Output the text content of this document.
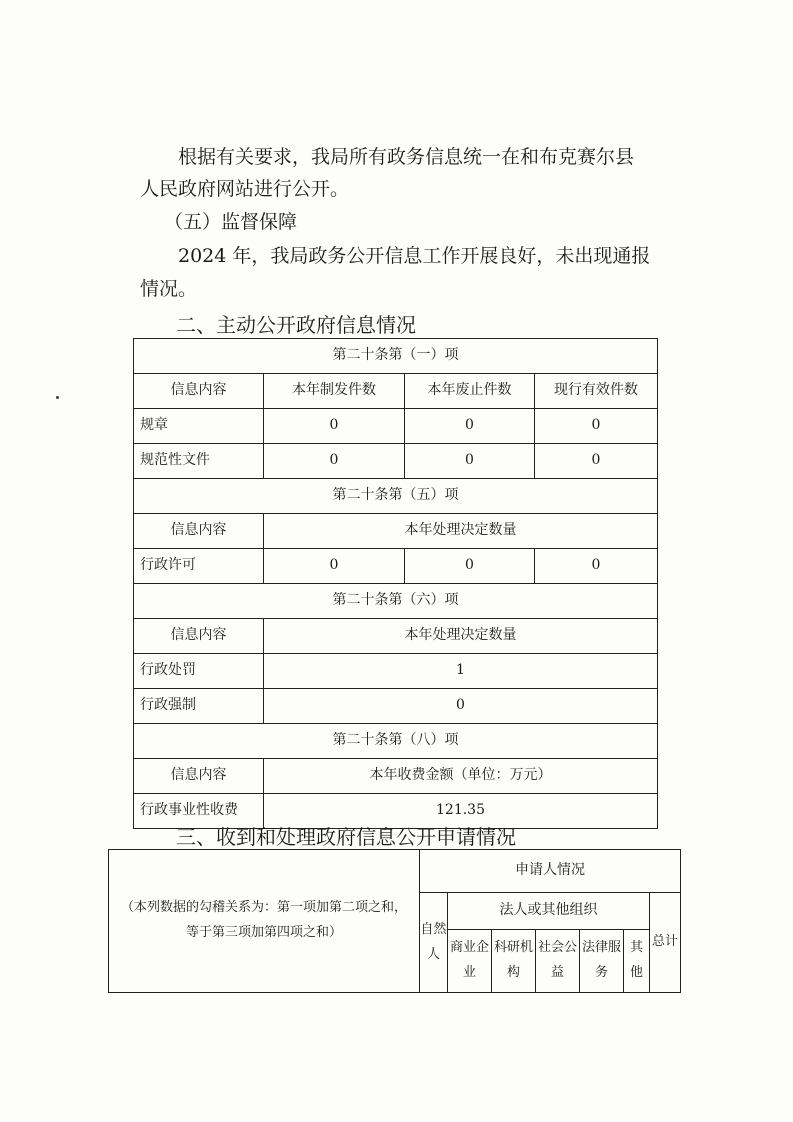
根据有关要求，我局所有政务信息统一在和布克赛尔县
人民政府网站进行公开。
（五）监督保障
2024 年，我局政务公开信息工作开展良好，未出现通报
情况。
二、主动公开政府信息情况
第二十条第（一）项			
信息内容	本年制发件数	本年废止件数	现行有效件数
规章	0	0	0
规范性文件	0	0	0
第二十条第（五）项			
信息内容	本年处理决定数量		
行政许可	0	0	0
第二十条第（六）项			
信息内容	本年处理决定数量		
行政处罚	1		
行政强制	0		
第二十条第（八）项			
信息内容	本年收费金额（单位：万元）		
行政事业性收费	121.35		
三、收到和处理政府信息公开申请情况
（本列数据的勾稽关系为：第一项加第二项之和，等于第三项加第四项之和）	申请人情况						
	自然人	法人或其他组织					总计
		商业企业	科研机构	社会公益	法律服务	其他	
